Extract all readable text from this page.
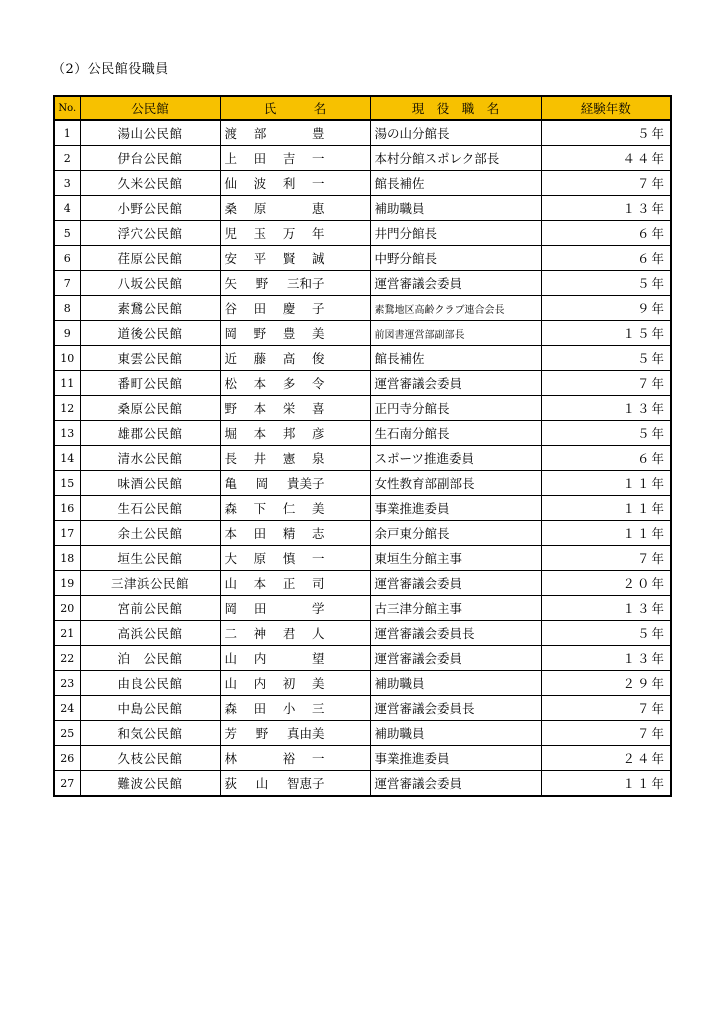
（2）公民館役職員
No.	公民館	氏　　　名	現　役　職　名	経験年数
1	湯山公民館	渡 部 豊	湯の山分館長	５年
2	伊台公民館	上 田 吉 一	本村分館スポレク部長	４４年
3	久米公民館	仙 波 利 一	館長補佐	７年
4	小野公民館	桑 原 恵	補助職員	１３年
5	浮穴公民館	児 玉 万 年	井門分館長	６年
6	荏原公民館	安 平 賢 誠	中野分館長	６年
7	八坂公民館	矢 野 三和子	運営審議会委員	５年
8	素鵞公民館	谷 田 慶 子	素鵞地区高齢クラブ連合会長	９年
9	道後公民館	岡 野 豊 美	前図書運営部副部長	１５年
10	東雲公民館	近 藤 高 俊	館長補佐	５年
11	番町公民館	松 本 多 令	運営審議会委員	７年
12	桑原公民館	野 本 栄 喜	正円寺分館長	１３年
13	雄郡公民館	堀 本 邦 彦	生石南分館長	５年
14	清水公民館	長 井 憲 泉	スポーツ推進委員	６年
15	味酒公民館	亀 岡 貴美子	女性教育部副部長	１１年
16	生石公民館	森 下 仁 美	事業推進委員	１１年
17	余土公民館	本 田 精 志	余戸東分館長	１１年
18	垣生公民館	大 原 慎 一	東垣生分館主事	７年
19	三津浜公民館	山 本 正 司	運営審議会委員	２０年
20	宮前公民館	岡 田 学	古三津分館主事	１３年
21	高浜公民館	二 神 君 人	運営審議会委員長	５年
22	泊　公民館	山 内 望	運営審議会委員	１３年
23	由良公民館	山 内 初 美	補助職員	２９年
24	中島公民館	森 田 小 三	運営審議会委員長	７年
25	和気公民館	芳 野 真由美	補助職員	７年
26	久枝公民館	林 裕 一	事業推進委員	２４年
27	難波公民館	荻 山 智恵子	運営審議会委員	１１年
